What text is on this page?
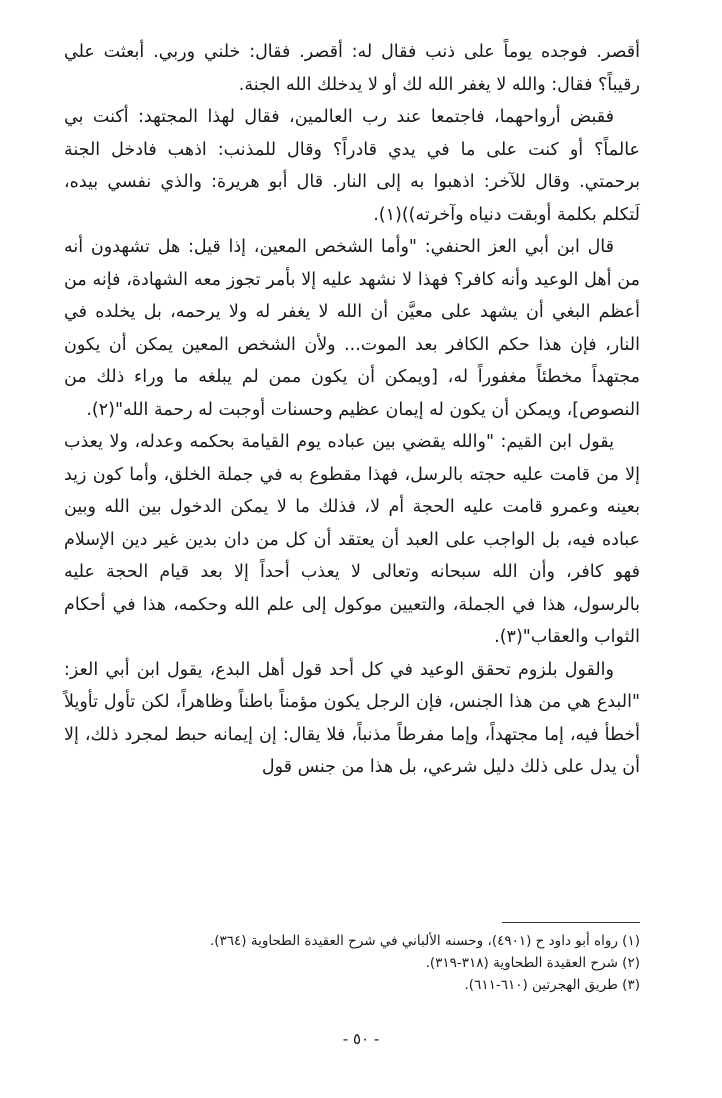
أقصر. فوجده يوماً على ذنب فقال له: أقصر. فقال: خلني وربي. أبعثت علي رقيباً؟ فقال: والله لا يغفر الله لك أو لا يدخلك الله الجنة.

فقبض أرواحهما، فاجتمعا عند رب العالمين، فقال لهذا المجتهد: أكنت بي عالماً؟ أو كنت على ما في يدي قادراً؟ وقال للمذنب: اذهب فادخل الجنة برحمتي. وقال للآخر: اذهبوا به إلى النار. قال أبو هريرة: والذي نفسي بيده، لَتكلم بكلمة أوبقت دنياه وآخرته))(١).

قال ابن أبي العز الحنفي: "وأما الشخص المعين، إذا قيل: هل تشهدون أنه من أهل الوعيد وأنه كافر؟ فهذا لا نشهد عليه إلا بأمر تجوز معه الشهادة، فإنه من أعظم البغي أن يشهد على معيَّن أن الله لا يغفر له ولا يرحمه، بل يخلده في النار، فإن هذا حكم الكافر بعد الموت... ولأن الشخص المعين يمكن أن يكون مجتهداً مخطئاً مغفوراً له، [ويمكن أن يكون ممن لم يبلغه ما وراء ذلك من النصوص]، ويمكن أن يكون له إيمان عظيم وحسنات أوجبت له رحمة الله"(٢).

يقول ابن القيم: "والله يقضي بين عباده يوم القيامة بحكمه وعدله، ولا يعذب إلا من قامت عليه حجته بالرسل، فهذا مقطوع به في جملة الخلق، وأما كون زيد بعينه وعمرو قامت عليه الحجة أم لا، فذلك ما لا يمكن الدخول بين الله وبين عباده فيه، بل الواجب على العبد أن يعتقد أن كل من دان بدين غير دين الإسلام فهو كافر، وأن الله سبحانه وتعالى لا يعذب أحداً إلا بعد قيام الحجة عليه بالرسول، هذا في الجملة، والتعيين موكول إلى علم الله وحكمه، هذا في أحكام الثواب والعقاب"(٣).

والقول بلزوم تحقق الوعيد في كل أحد قول أهل البدع، يقول ابن أبي العز: "البدع هي من هذا الجنس، فإن الرجل يكون مؤمناً باطناً وظاهراً، لكن تأول تأويلاً أخطأ فيه، إما مجتهداً، وإما مفرطاً مذنباً، فلا يقال: إن إيمانه حبط لمجرد ذلك، إلا أن يدل على ذلك دليل شرعي، بل هذا من جنس قول

(١) رواه أبو داود ح (٤٩٠١)، وحسنه الألباني في شرح العقيدة الطحاوية (٣٦٤).

(٢) شرح العقيدة الطحاوية (٣١٨-٣١٩).

(٣) طريق الهجرتين (٦١٠-٦١١).

- ٥٠ -
